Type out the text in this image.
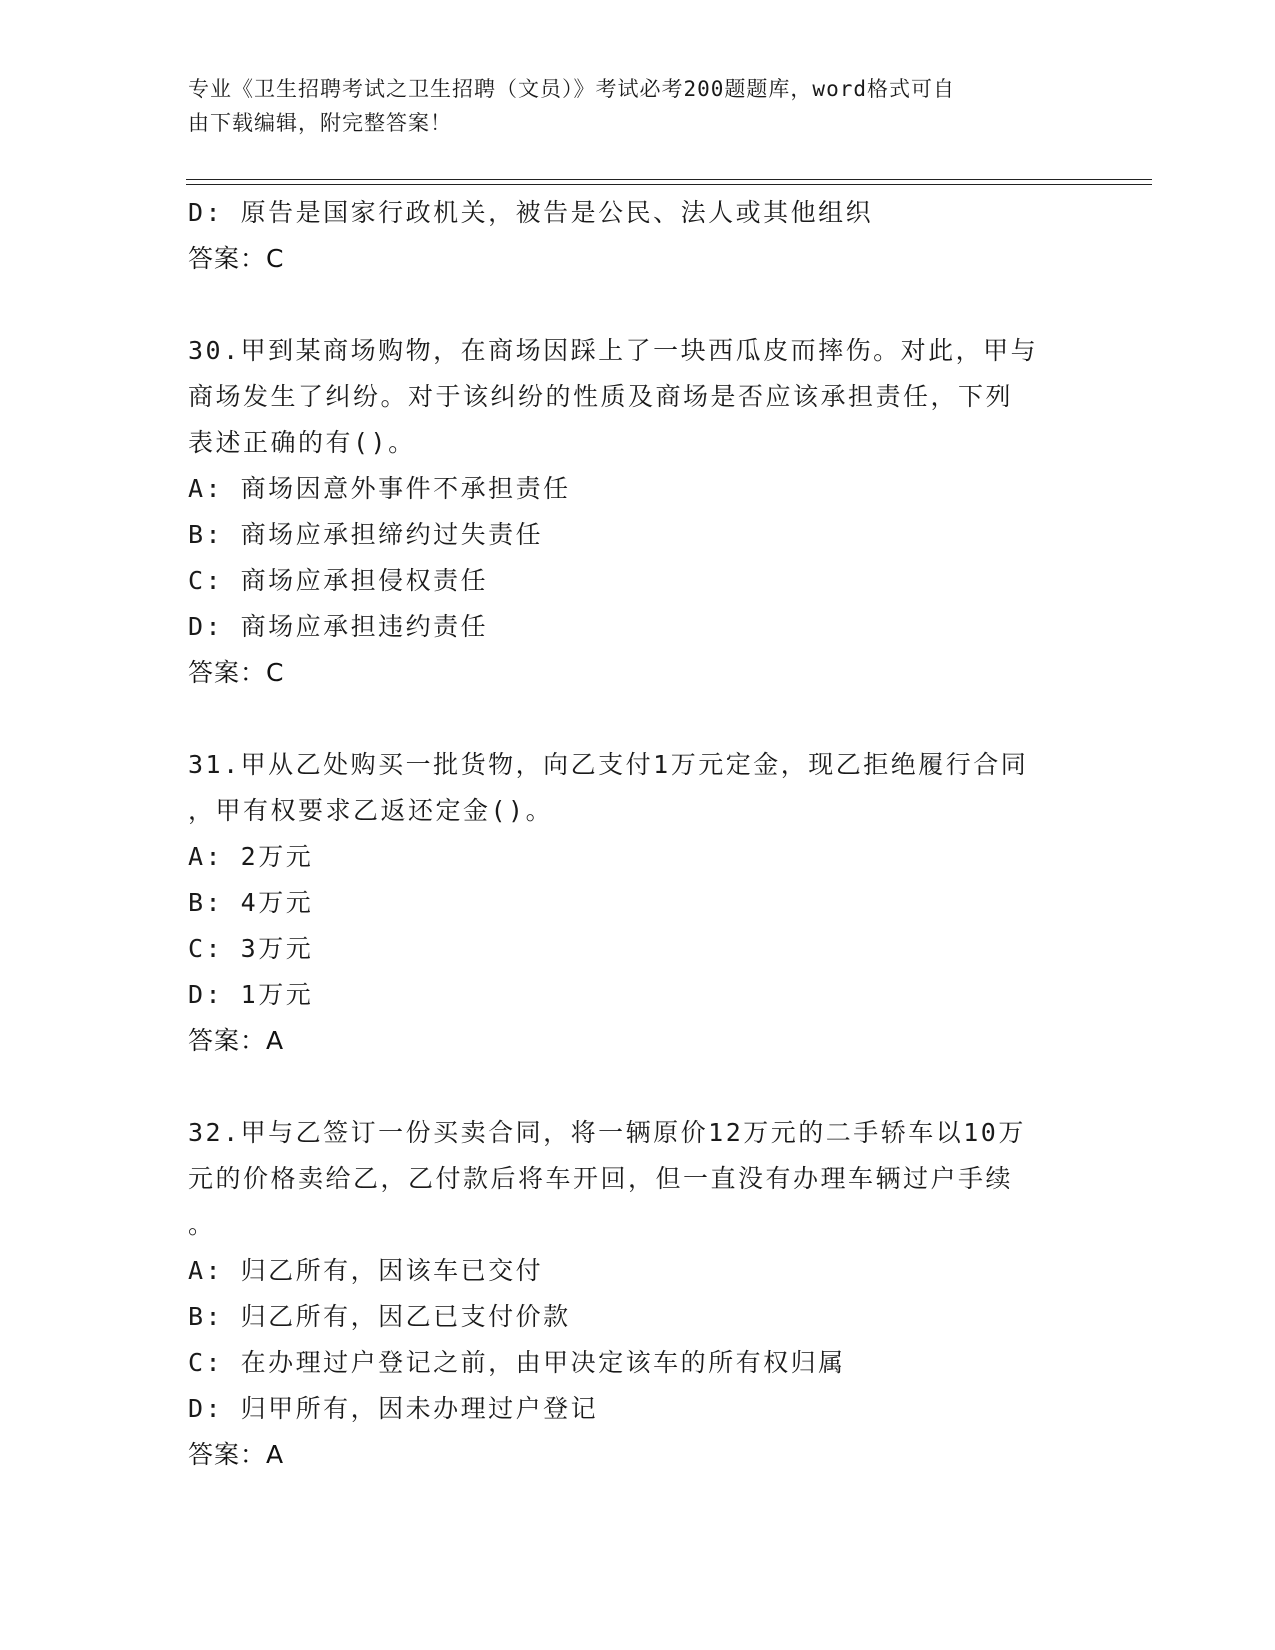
专业《卫生招聘考试之卫生招聘（文员）》考试必考200题题库，word格式可自
由下载编辑，附完整答案！
D: 原告是国家行政机关，被告是公民、法人或其他组织
答案：C
30.甲到某商场购物，在商场因踩上了一块西瓜皮而摔伤。对此，甲与
商场发生了纠纷。对于该纠纷的性质及商场是否应该承担责任，下列
表述正确的有()。
A: 商场因意外事件不承担责任
B: 商场应承担缔约过失责任
C: 商场应承担侵权责任
D: 商场应承担违约责任
答案：C
31.甲从乙处购买一批货物，向乙支付1万元定金，现乙拒绝履行合同
，甲有权要求乙返还定金()。
A: 2万元
B: 4万元
C: 3万元
D: 1万元
答案：A
32.甲与乙签订一份买卖合同，将一辆原价12万元的二手轿车以10万
元的价格卖给乙，乙付款后将车开回，但一直没有办理车辆过户手续
。
A: 归乙所有，因该车已交付
B: 归乙所有，因乙已支付价款
C: 在办理过户登记之前，由甲决定该车的所有权归属
D: 归甲所有，因未办理过户登记
答案：A
